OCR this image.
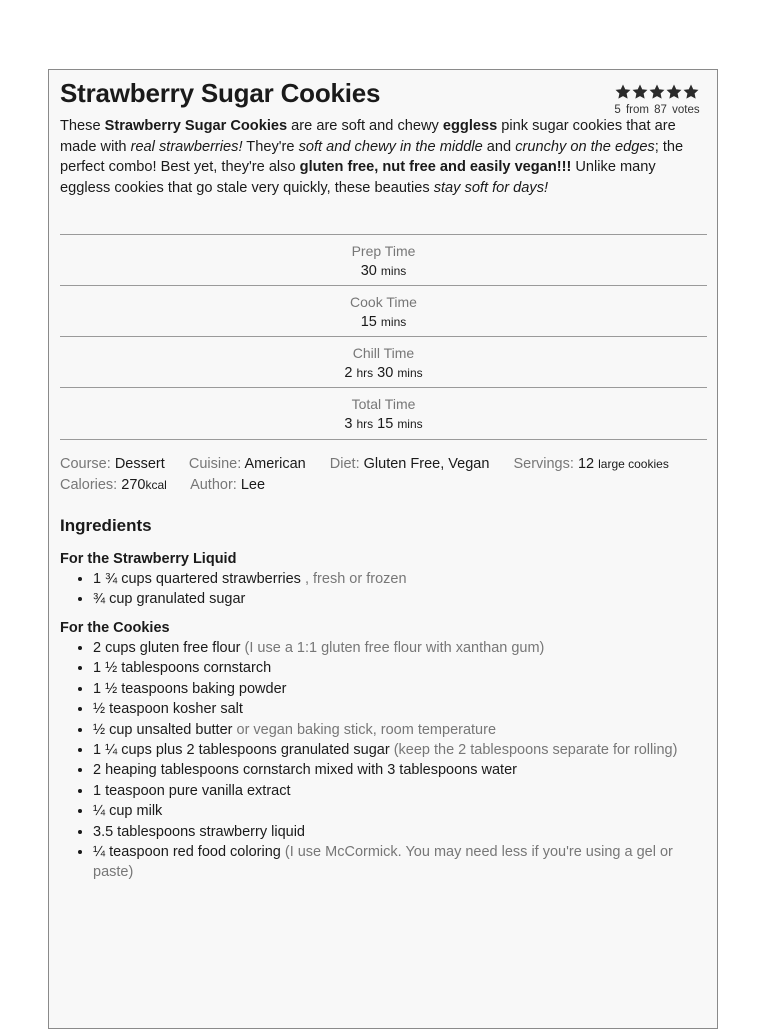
Strawberry Sugar Cookies
5 from 87 votes
These Strawberry Sugar Cookies are are soft and chewy eggless pink sugar cookies that are made with real strawberries! They're soft and chewy in the middle and crunchy on the edges; the perfect combo! Best yet, they're also gluten free, nut free and easily vegan!!! Unlike many eggless cookies that go stale very quickly, these beauties stay soft for days!
Prep Time
30 mins
Cook Time
15 mins
Chill Time
2 hrs 30 mins
Total Time
3 hrs 15 mins
Course: Dessert Cuisine: American Diet: Gluten Free, Vegan Servings: 12 large cookies
Calories: 270kcal Author: Lee
Ingredients
For the Strawberry Liquid
• 1 ¾ cups quartered strawberries , fresh or frozen
• ¾ cup granulated sugar
For the Cookies
• 2 cups gluten free flour (I use a 1:1 gluten free flour with xanthan gum)
• 1 ½ tablespoons cornstarch
• 1 ½ teaspoons baking powder
• ½ teaspoon kosher salt
• ½ cup unsalted butter or vegan baking stick, room temperature
• 1 ¼ cups plus 2 tablespoons granulated sugar (keep the 2 tablespoons separate for rolling)
• 2 heaping tablespoons cornstarch mixed with 3 tablespoons water
• 1 teaspoon pure vanilla extract
• ¼ cup milk
• 3.5 tablespoons strawberry liquid
• ¼ teaspoon red food coloring (I use McCormick. You may need less if you're using a gel or paste)
